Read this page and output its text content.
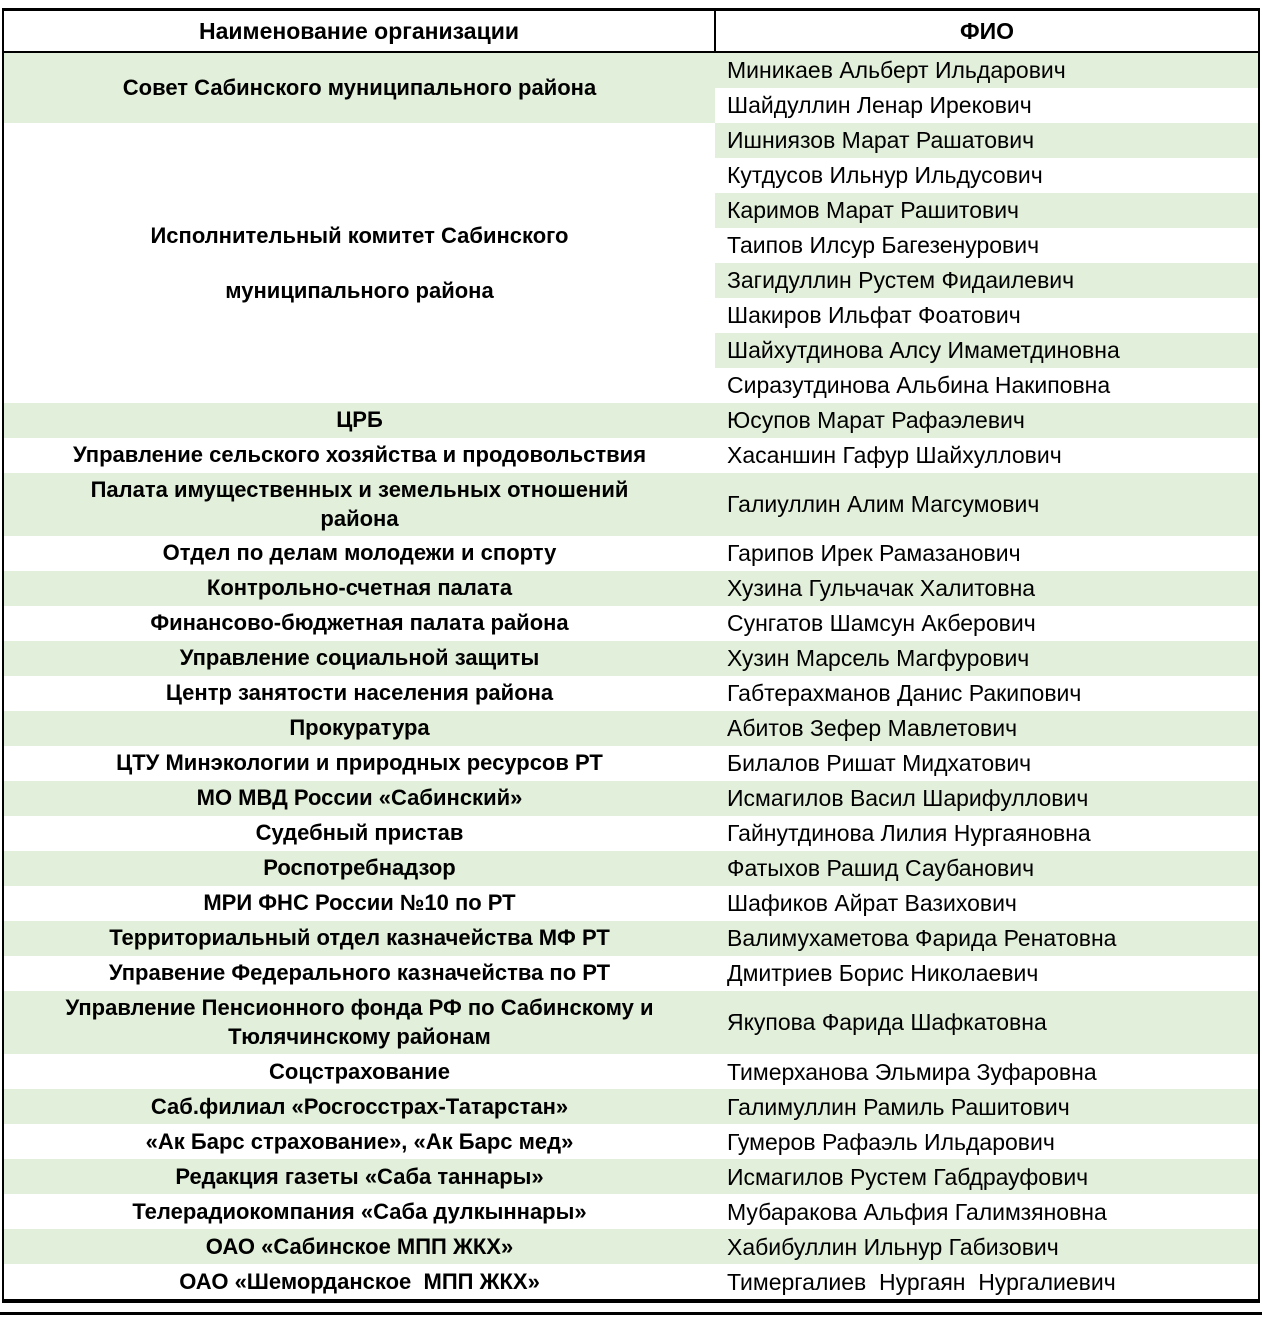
Наименование организации	ФИО
Совет Сабинского муниципального района	Миникаев Альберт Ильдарович
	Шайдуллин Ленар Ирекович
Исполнительный комитет Сабинского
муниципального района	Ишниязов Марат Рашатович
	Кутдусов Ильнур Ильдусович
	Каримов Марат Рашитович
	Таипов Илсур Багезенурович
	Загидуллин Рустем Фидаилевич
	Шакиров Ильфат Фоатович
	Шайхутдинова Алсу Имаметдиновна
	Сиразутдинова Альбина Накиповна
ЦРБ	Юсупов Марат Рафаэлевич
Управление сельского хозяйства и продовольствия	Хасаншин Гафур Шайхуллович
Палата имущественных и земельных отношений
района	Галиуллин Алим Магсумович
Отдел по делам молодежи и спорту	Гарипов Ирек Рамазанович
Контрольно-счетная палата	Хузина Гульчачак Халитовна
Финансово-бюджетная палата района	Сунгатов Шамсун Акберович
Управление социальной защиты	Хузин Марсель Магфурович
Центр занятости населения района	Габтерахманов Данис Ракипович
Прокуратура	Абитов Зефер Мавлетович
ЦТУ Минэкологии и природных ресурсов РТ	Билалов Ришат Мидхатович
МО МВД России «Сабинский»	Исмагилов Васил Шарифуллович
Судебный пристав	Гайнутдинова Лилия Нургаяновна
Роспотребнадзор	Фатыхов Рашид Саубанович
МРИ ФНС России №10 по РТ	Шафиков Айрат Вазихович
Территориальный отдел казначейства МФ РТ	Валимухаметова Фарида Ренатовна
Управение Федерального казначейства по РТ	Дмитриев Борис Николаевич
Управление Пенсионного фонда РФ по Сабинскому и
Тюлячинскому районам	Якупова Фарида Шафкатовна
Соцстрахование	Тимерханова Эльмира Зуфаровна
Саб.филиал «Росгосстрах-Татарстан»	Галимуллин Рамиль Рашитович
«Ак Барс страхование», «Ак Барс мед»	Гумеров Рафаэль Ильдарович
Редакция газеты «Саба таннары»	Исмагилов Рустем Габдрауфович
Телерадиокомпания «Саба дулкыннары»	Мубаракова Альфия Галимзяновна
ОАО «Сабинское МПП ЖКХ»	Хабибуллин Ильнур Габизович
ОАО «Шеморданское  МПП ЖКХ»	Тимергалиев  Нургаян  Нургалиевич
